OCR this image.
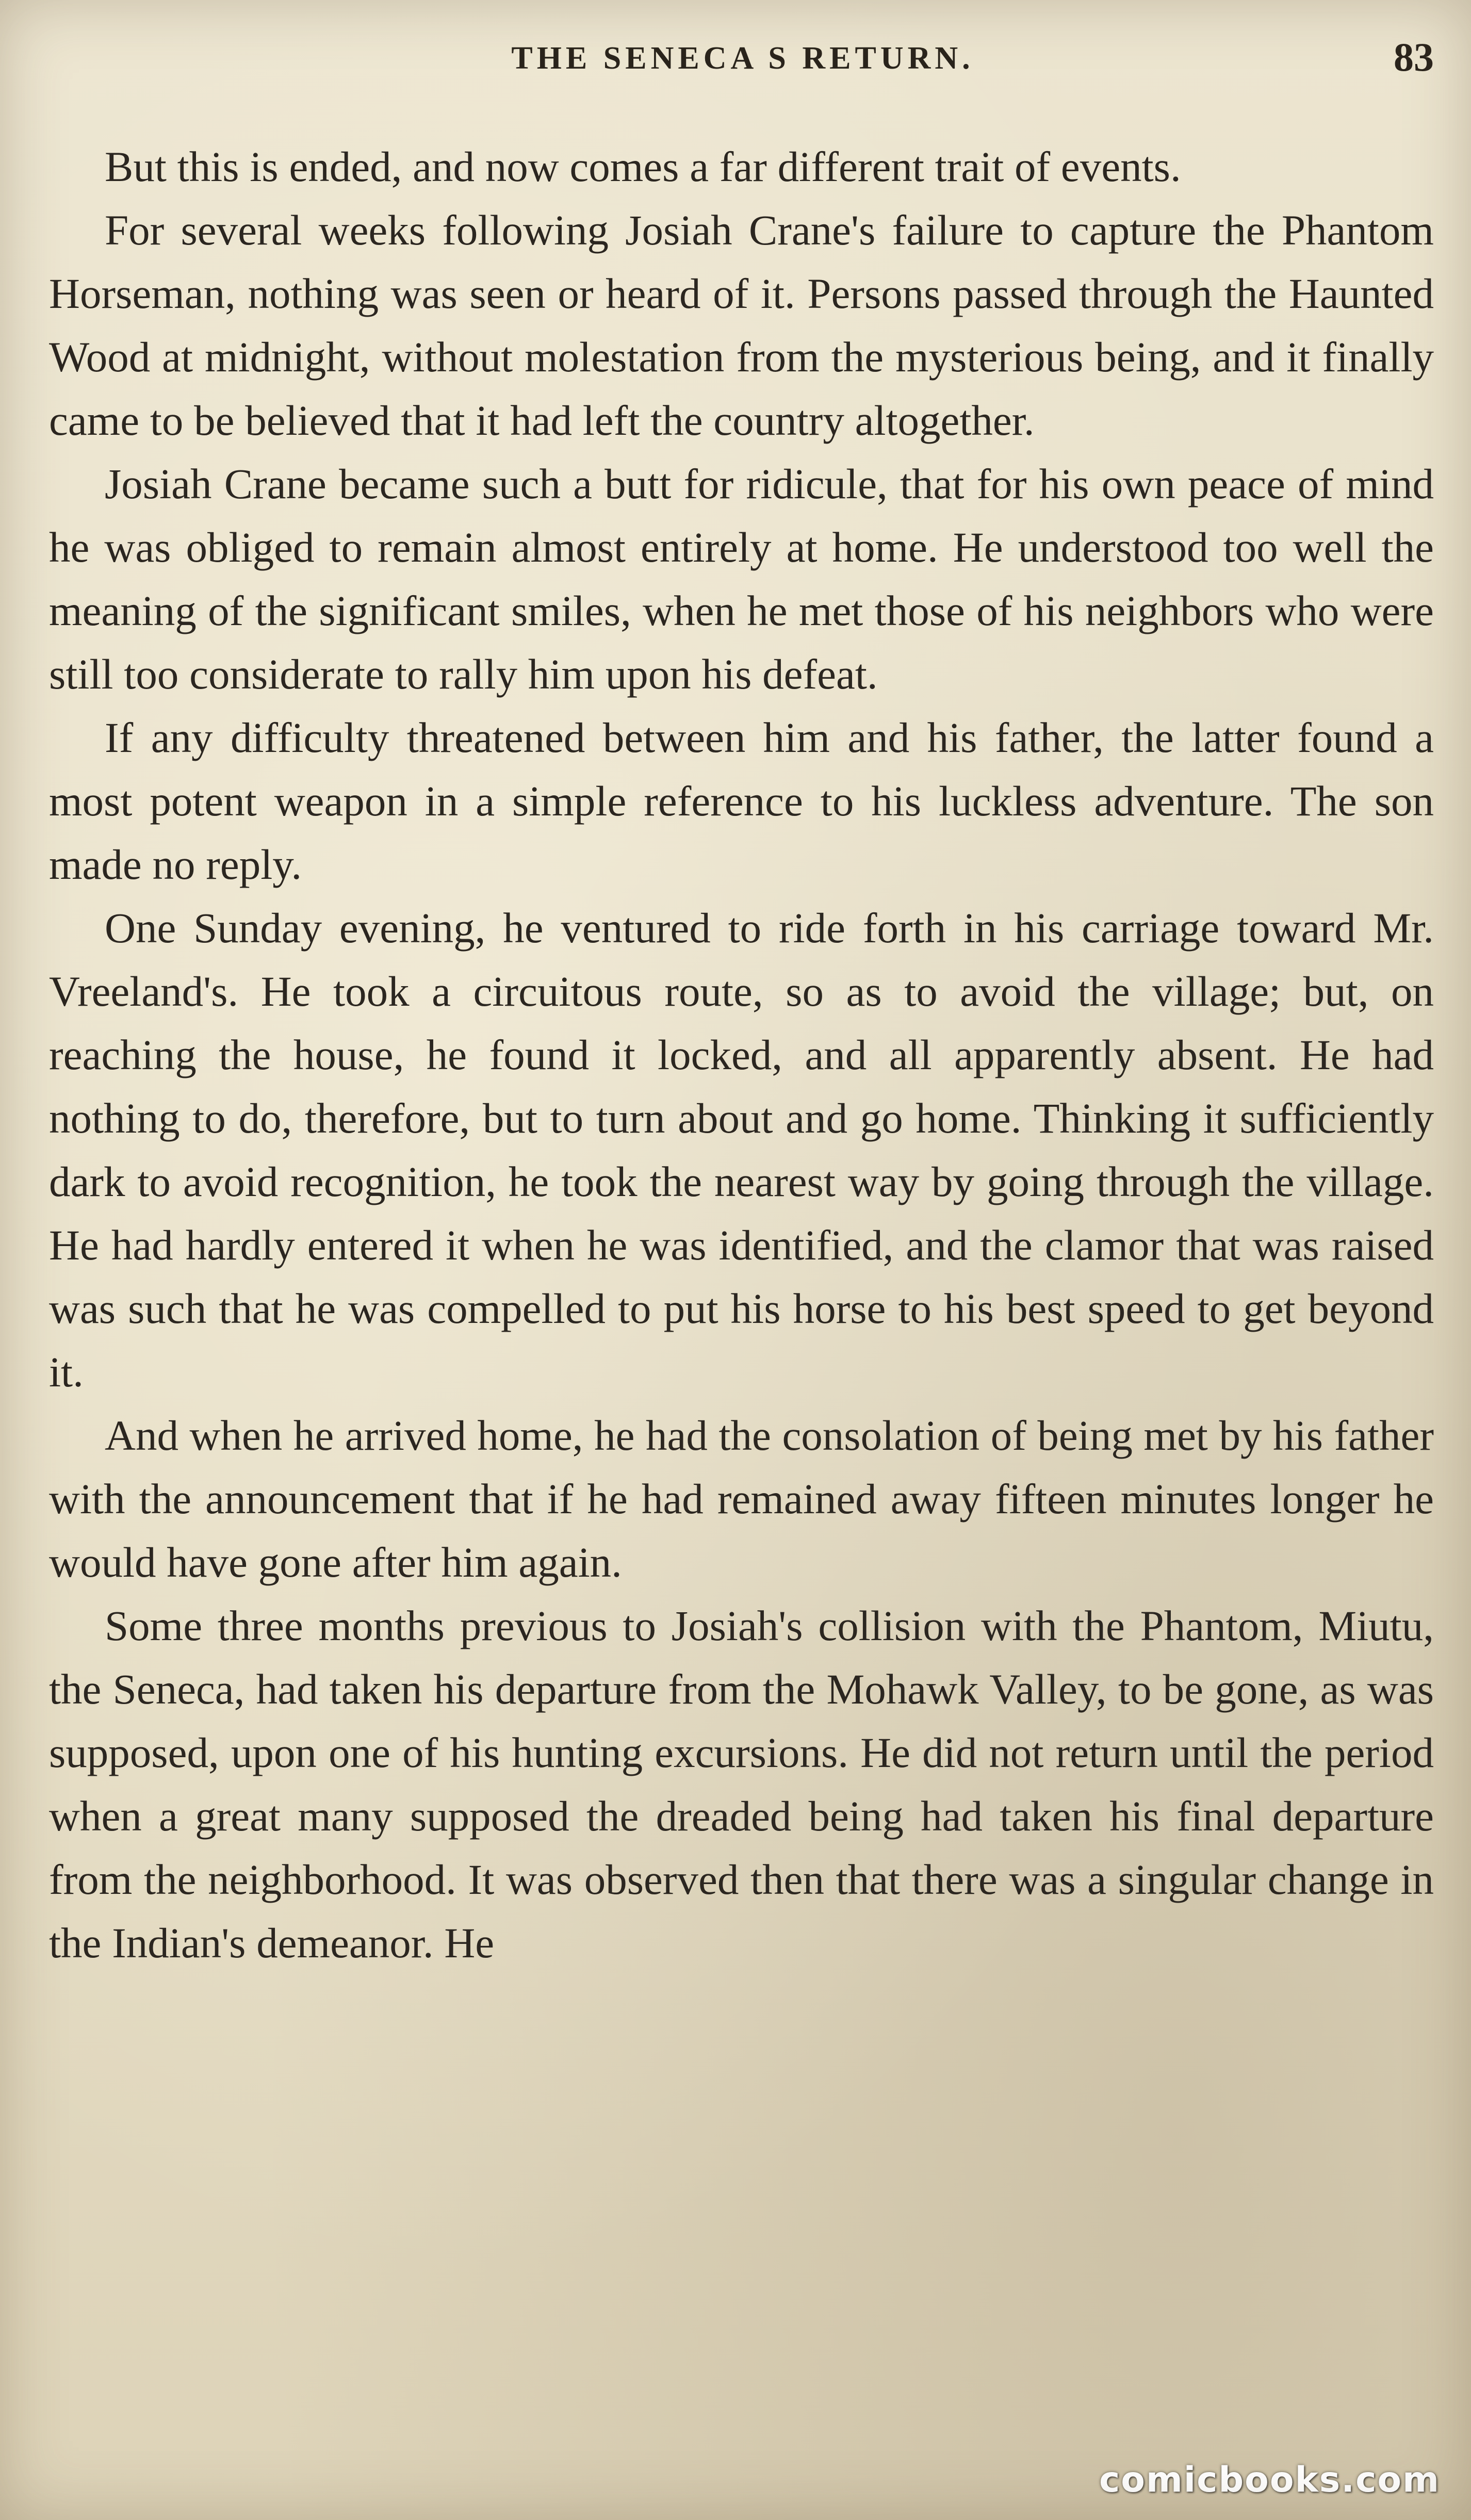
THE SENECA S RETURN.	83

But this is ended, and now comes a far different trait of events.

For several weeks following Josiah Crane's failure to capture the Phantom Horseman, nothing was seen or heard of it. Persons passed through the Haunted Wood at midnight, without molestation from the mysterious being, and it finally came to be believed that it had left the country altogether.

Josiah Crane became such a butt for ridicule, that for his own peace of mind he was obliged to remain almost entirely at home. He understood too well the meaning of the significant smiles, when he met those of his neighbors who were still too considerate to rally him upon his defeat.

If any difficulty threatened between him and his father, the latter found a most potent weapon in a simple reference to his luckless adventure. The son made no reply.

One Sunday evening, he ventured to ride forth in his carriage toward Mr. Vreeland's. He took a circuitous route, so as to avoid the village; but, on reaching the house, he found it locked, and all apparently absent. He had nothing to do, therefore, but to turn about and go home. Thinking it sufficiently dark to avoid recognition, he took the nearest way by going through the village. He had hardly entered it when he was identified, and the clamor that was raised was such that he was compelled to put his horse to his best speed to get beyond it.

And when he arrived home, he had the consolation of being met by his father with the announcement that if he had remained away fifteen minutes longer he would have gone after him again.

Some three months previous to Josiah's collision with the Phantom, Miutu, the Seneca, had taken his departure from the Mohawk Valley, to be gone, as was supposed, upon one of his hunting excursions. He did not return until the period when a great many supposed the dreaded being had taken his final departure from the neighborhood. It was observed then that there was a singular change in the Indian's demeanor. He

comicbooks.com
